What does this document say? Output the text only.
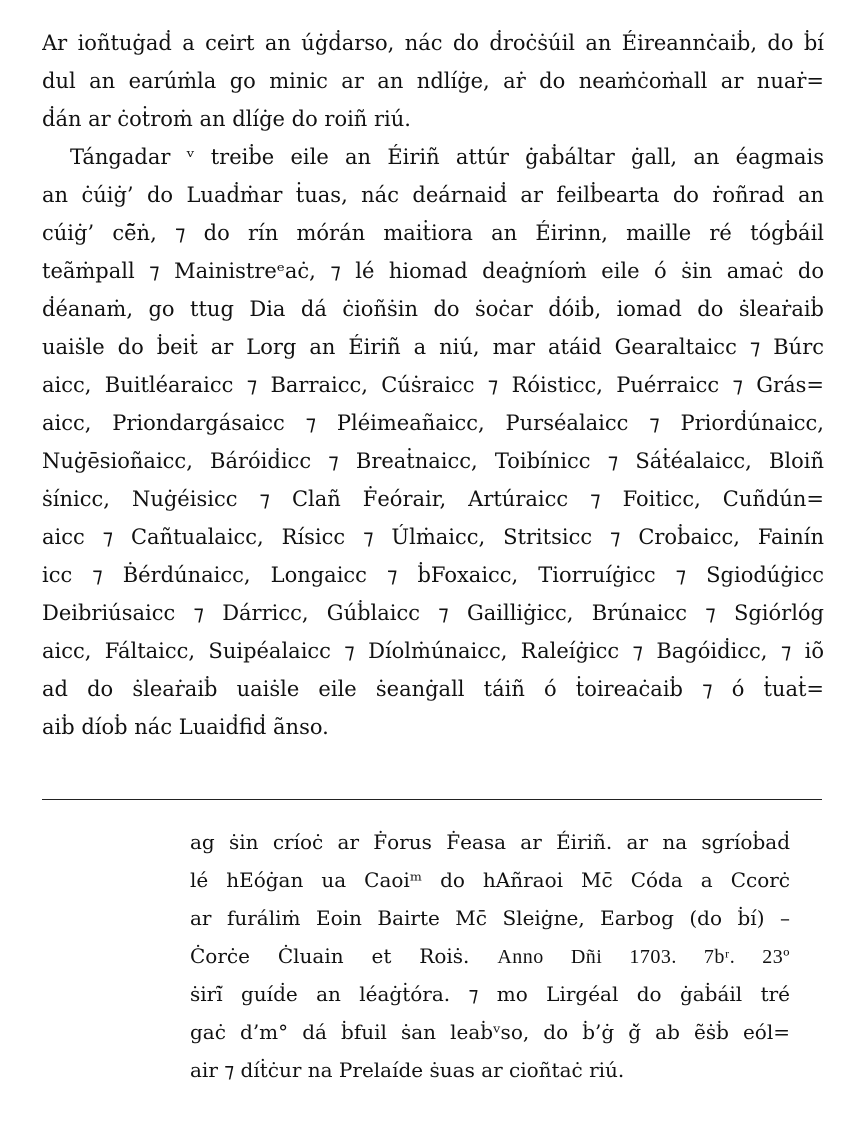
Ar ioñtuġaḋ a ceirt an úġḋarso, nác do ḋroċṡúil an Éireannċaiḃ, do ḃí
dul an earúṁla go minic ar an ndlíġe, aṙ do neaṁċoṁall ar nuaṙ=
ḋán ar ċoṫroṁ an dlíġe do roiñ riú.
Tángadar ᵛ treiḃe eile an Éiriñ attúr ġaḃáltar ġall, an éagmais
an ċúiġ’ do Luaḋṁar ṫuas, nác deárnaiḋ ar feilḃearta do ṙoñrad an
cúiġ’ cē̃ṅ, ⁊ do rín mórán maiṫiora an Éirinn, maille ré tógḃáil
teãṁpall ⁊ Mainistreᵉaċ, ⁊ lé hiomad deaġníoṁ eile ó ṡin amaċ do
ḋéanaṁ, go ttug Dia dá ċioñṡin do ṡoċar ḋóiḃ, iomad do ṡleaṙaiḃ
uaiṡle do ḃeiṫ ar Lorg an Éiriñ a niú, mar atáid Gearaltaicc ⁊ Búrc
aicc, Buitléaraicc ⁊ Barraicc, Cúṡraicc ⁊ Róisticc, Puérraicc ⁊ Grás=
aicc, Priondargásaicc ⁊ Pléimeañaicc, Purséalaicc ⁊ Priorḋúnaicc,
Nuġēsioñaicc, Báróiḋicc ⁊ Breaṫnaicc, Toibínicc ⁊ Sáṫéalaicc, Bloiñ
ṡínicc, Nuġéisicc ⁊ Clañ Ḟeórair, Artúraicc ⁊ Foiticc, Cuñdún=
aicc ⁊ Cañtualaicc, Rísicc ⁊ Úlṁaicc, Stritsicc ⁊ Croḃaicc, Fainín
icc ⁊ Ḃérdúnaicc, Longaicc ⁊ ḃFoxaicc, Tiorruíġicc ⁊ Sgiodúġicc
Deibriúsaicc ⁊ Dárricc, Gúḃlaicc ⁊ Gailliġicc, Brúnaicc ⁊ Sgiórlóg
aicc, Fáltaicc, Suipéalaicc ⁊ Díolṁúnaicc, Raleíġicc ⁊ Bagóiḋicc, ⁊ iõ
ad do ṡleaṙaiḃ uaiṡle eile ṡeanġall táiñ ó ṫoireaċaiḃ ⁊ ó ṫuaṫ=
aiḃ díoḃ nác Luaiḋfiḋ ãnso.
ag ṡin críoċ ar Ḟorus Ḟeasa ar Éiriñ. ar na sgríoḃaḋ
lé hEóġan ua Caoiᵐ do hAñraoi Mc̄ Códa a Ccorċ
ar furáliṁ Eoin Bairte Mc̄ Sleiġne, Earbog (do ḃí) –
Ċorċe Ċluain et Roiṡ. Anno Dñi 1703. 7bʳ. 23º
ṡiri̇̃ guíḋe an léaġṫóra. ⁊ mo Lirgéal do ġaḃáil tré
gaċ d’m° dá ḃfuil ṡan leaḃᵛso, do ḃ’ġ ġ̌ ab ẽṡḃ eól=
air ⁊ díṫċur na Prelaíde ṡuas ar cioñtaċ riú.
